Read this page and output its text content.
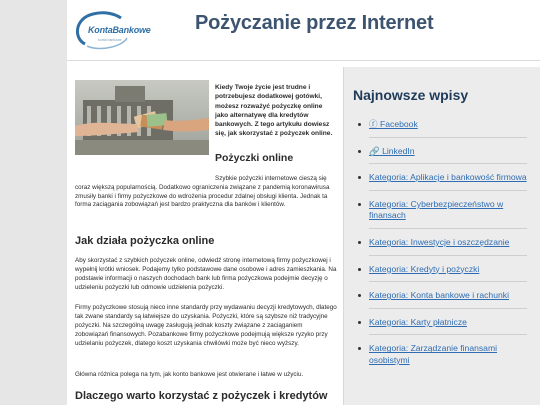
KontaBankowe
konta bankowe
Pożyczanie przez Internet
Kiedy Twoje życie jest trudne i potrzebujesz dodatkowej gotówki, możesz rozważyć pożyczkę online jako alternatywę dla kredytów bankowych. Z tego artykułu dowiesz się, jak skorzystać z pożyczek online.
Pożyczki online
Szybkie pożyczki internetowe cieszą się coraz większą popularnością. Dodatkowo ograniczenia związane z pandemią koronawirusa zmusiły banki i firmy pożyczkowe do wdrożenia procedur zdalnej obsługi klienta. Jednak ta forma zaciągania zobowiązań jest bardzo praktyczna dla banków i klientów.
Jak działa pożyczka online
Aby skorzystać z szybkich pożyczek online, odwiedź stronę internetową firmy pożyczkowej i wypełnij krótki wniosek. Podajemy tylko podstawowe dane osobowe i adres zamieszkania. Na podstawie informacji o naszych dochodach bank lub firma pożyczkowa podejmie decyzję o udzieleniu pożyczki lub odmowie udzielenia pożyczki.
Firmy pożyczkowe stosują nieco inne standardy przy wydawaniu decyzji kredytowych, dlatego tak zwane standardy są łatwiejsze do uzyskania. Pożyczki, które są szybsze niż tradycyjne pożyczki. Na szczególną uwagę zasługują jednak koszty związane z zaciąganiem zobowiązań finansowych. Pozabankowe firmy pożyczkowe podejmują większe ryzyko przy udzielaniu pożyczek, dlatego koszt uzyskania chwilówki może być nieco wyższy.
Główna różnica polega na tym, jak konto bankowe jest otwierane i łatwe w użyciu.
Dlaczego warto korzystać z pożyczek i kredytów
Najnowsze wpisy
ⓕ Facebook
🔗 LinkedIn
Kategoria: Aplikacje i bankowość firmowa
Kategoria: Cyberbezpieczeństwo w finansach
Kategoria: Inwestycje i oszczędzanie
Kategoria: Kredyty i pożyczki
Kategoria: Konta bankowe i rachunki
Kategoria: Karty płatnicze
Kategoria: Zarządzanie finansami osobistymi
